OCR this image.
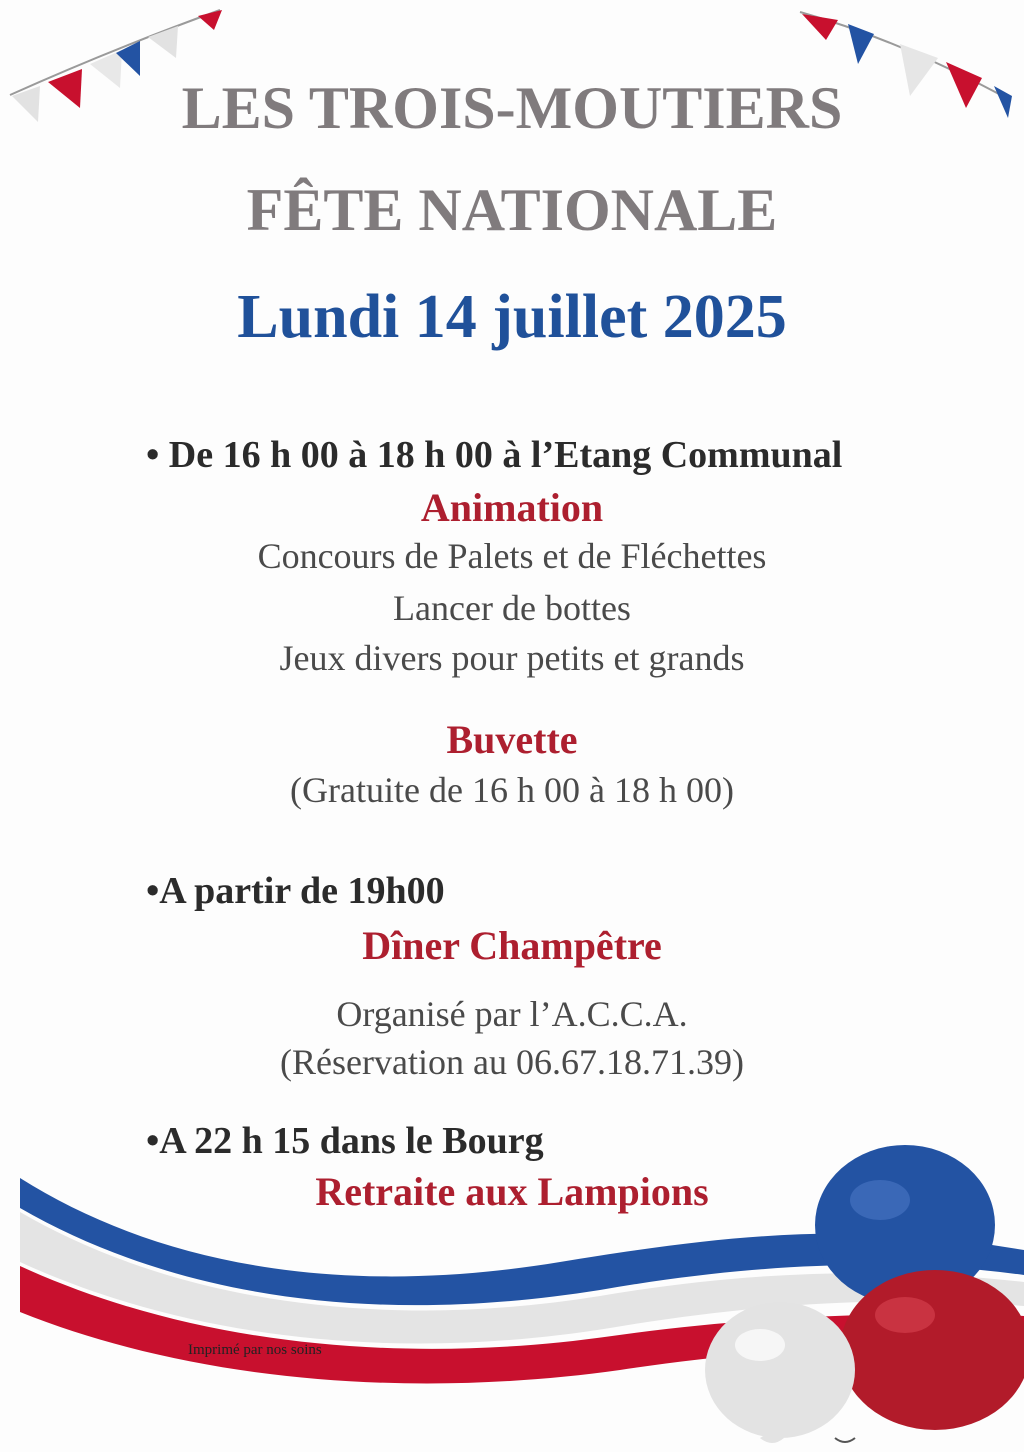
LES TROIS-MOUTIERS
FÊTE NATIONALE
Lundi 14 juillet 2025
• De 16 h 00 à 18 h 00 à l’Etang Communal
Animation
Concours de Palets et de Fléchettes
Lancer de bottes
Jeux divers pour petits et grands
Buvette
(Gratuite de 16 h 00 à 18 h 00)
•A partir de 19h00
Dîner Champêtre
Organisé par l’A.C.C.A.
(Réservation au 06.67.18.71.39)
•A 22 h 15 dans le Bourg
Retraite aux Lampions
Imprimé par nos soins
